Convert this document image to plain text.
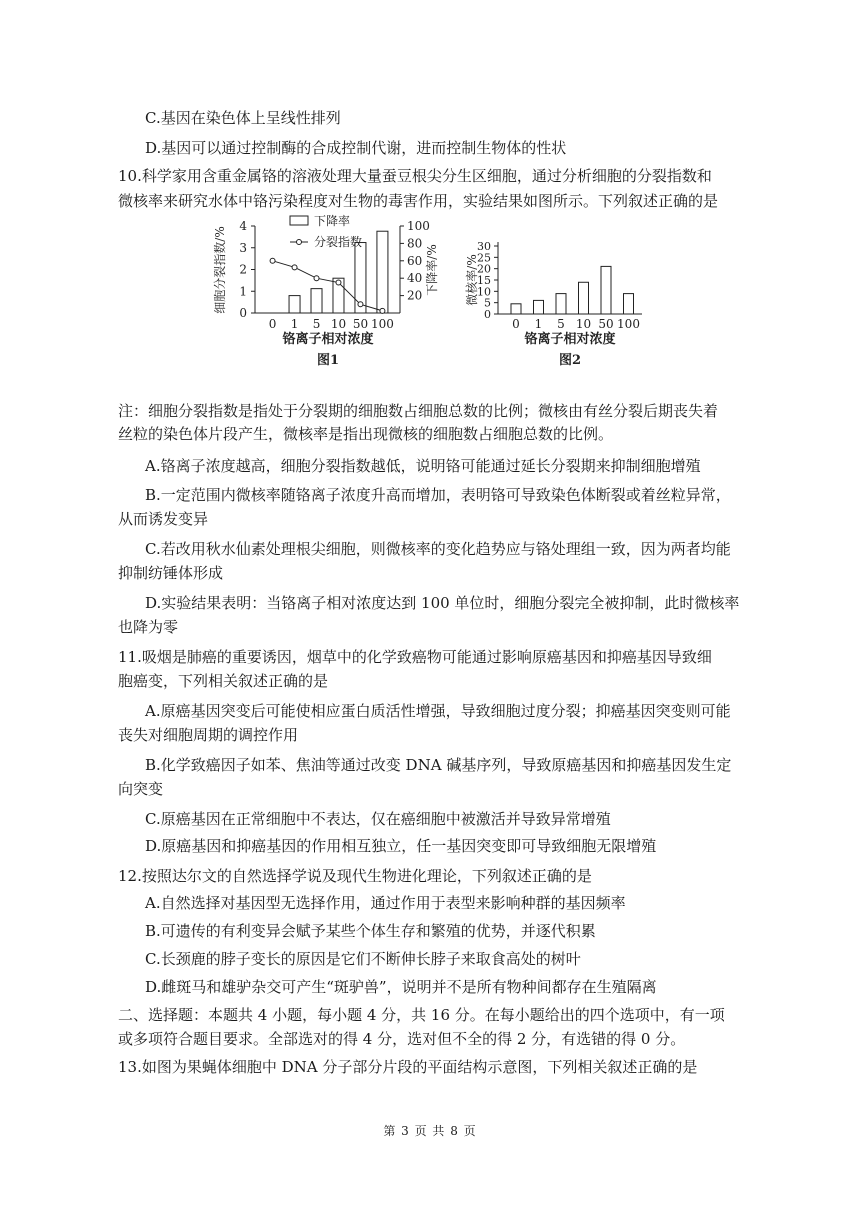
C.基因在染色体上呈线性排列
D.基因可以通过控制酶的合成控制代谢，进而控制生物体的性状
10.科学家用含重金属铬的溶液处理大量蚕豆根尖分生区细胞，通过分析细胞的分裂指数和
微核率来研究水体中铬污染程度对生物的毒害作用，实验结果如图所示。下列叙述正确的是
0
1
2
3
4
20
40
60
80
100
0 1 5 10 50 100
下降率
分裂指数
细胞分裂指数/%	下降率/%
铬离子相对浓度
图1
0
5
10
15
20
25
30
0 1 5 10 50 100
微核率/%
铬离子相对浓度
图2
注：细胞分裂指数是指处于分裂期的细胞数占细胞总数的比例；微核由有丝分裂后期丧失着
丝粒的染色体片段产生，微核率是指出现微核的细胞数占细胞总数的比例。
A.铬离子浓度越高，细胞分裂指数越低，说明铬可能通过延长分裂期来抑制细胞增殖
B.一定范围内微核率随铬离子浓度升高而增加，表明铬可导致染色体断裂或着丝粒异常，
从而诱发变异
C.若改用秋水仙素处理根尖细胞，则微核率的变化趋势应与铬处理组一致，因为两者均能
抑制纺锤体形成
D.实验结果表明：当铬离子相对浓度达到 100 单位时，细胞分裂完全被抑制，此时微核率
也降为零
11.吸烟是肺癌的重要诱因，烟草中的化学致癌物可能通过影响原癌基因和抑癌基因导致细
胞癌变，下列相关叙述正确的是
A.原癌基因突变后可能使相应蛋白质活性增强，导致细胞过度分裂；抑癌基因突变则可能
丧失对细胞周期的调控作用
B.化学致癌因子如苯、焦油等通过改变 DNA 碱基序列，导致原癌基因和抑癌基因发生定
向突变
C.原癌基因在正常细胞中不表达，仅在癌细胞中被激活并导致异常增殖
D.原癌基因和抑癌基因的作用相互独立，任一基因突变即可导致细胞无限增殖
12.按照达尔文的自然选择学说及现代生物进化理论，下列叙述正确的是
A.自然选择对基因型无选择作用，通过作用于表型来影响种群的基因频率
B.可遗传的有利变异会赋予某些个体生存和繁殖的优势，并逐代积累
C.长颈鹿的脖子变长的原因是它们不断伸长脖子来取食高处的树叶
D.雌斑马和雄驴杂交可产生“斑驴兽”，说明并不是所有物种间都存在生殖隔离
二、选择题：本题共 4 小题，每小题 4 分，共 16 分。在每小题给出的四个选项中，有一项
或多项符合题目要求。全部选对的得 4 分，选对但不全的得 2 分，有选错的得 0 分。
13.如图为果蝇体细胞中 DNA 分子部分片段的平面结构示意图，下列相关叙述正确的是
第 3 页 共 8 页
